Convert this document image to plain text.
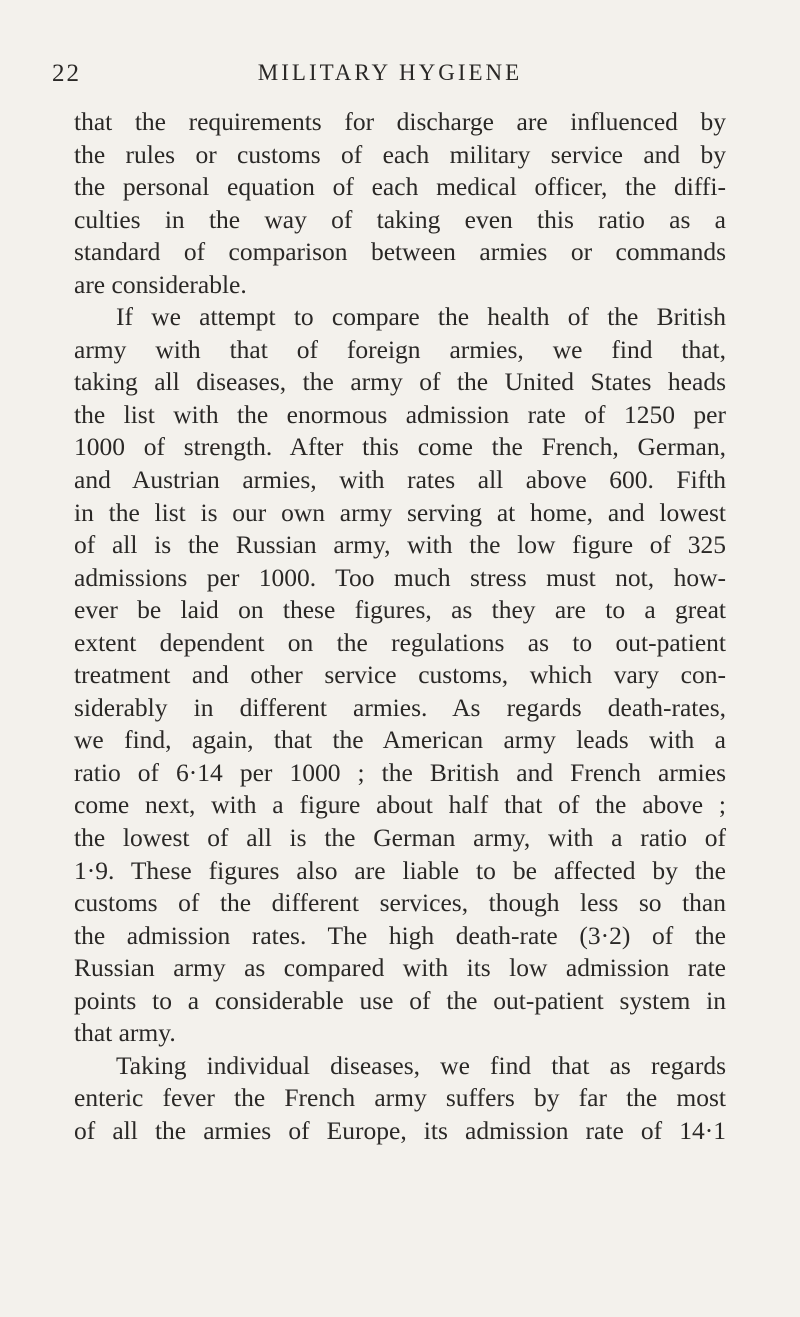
22	MILITARY HYGIENE
that the requirements for discharge are influenced by
the rules or customs of each military service and by
the personal equation of each medical officer, the diffi-
culties in the way of taking even this ratio as a
standard of comparison between armies or commands
are considerable.
If we attempt to compare the health of the British
army with that of foreign armies, we find that,
taking all diseases, the army of the United States heads
the list with the enormous admission rate of 1250 per
1000 of strength. After this come the French, German,
and Austrian armies, with rates all above 600. Fifth
in the list is our own army serving at home, and lowest
of all is the Russian army, with the low figure of 325
admissions per 1000. Too much stress must not, how-
ever be laid on these figures, as they are to a great
extent dependent on the regulations as to out-patient
treatment and other service customs, which vary con-
siderably in different armies. As regards death-rates,
we find, again, that the American army leads with a
ratio of 6·14 per 1000 ; the British and French armies
come next, with a figure about half that of the above ;
the lowest of all is the German army, with a ratio of
1·9. These figures also are liable to be affected by the
customs of the different services, though less so than
the admission rates. The high death-rate (3·2) of the
Russian army as compared with its low admission rate
points to a considerable use of the out-patient system in
that army.
Taking individual diseases, we find that as regards
enteric fever the French army suffers by far the most
of all the armies of Europe, its admission rate of 14·1
